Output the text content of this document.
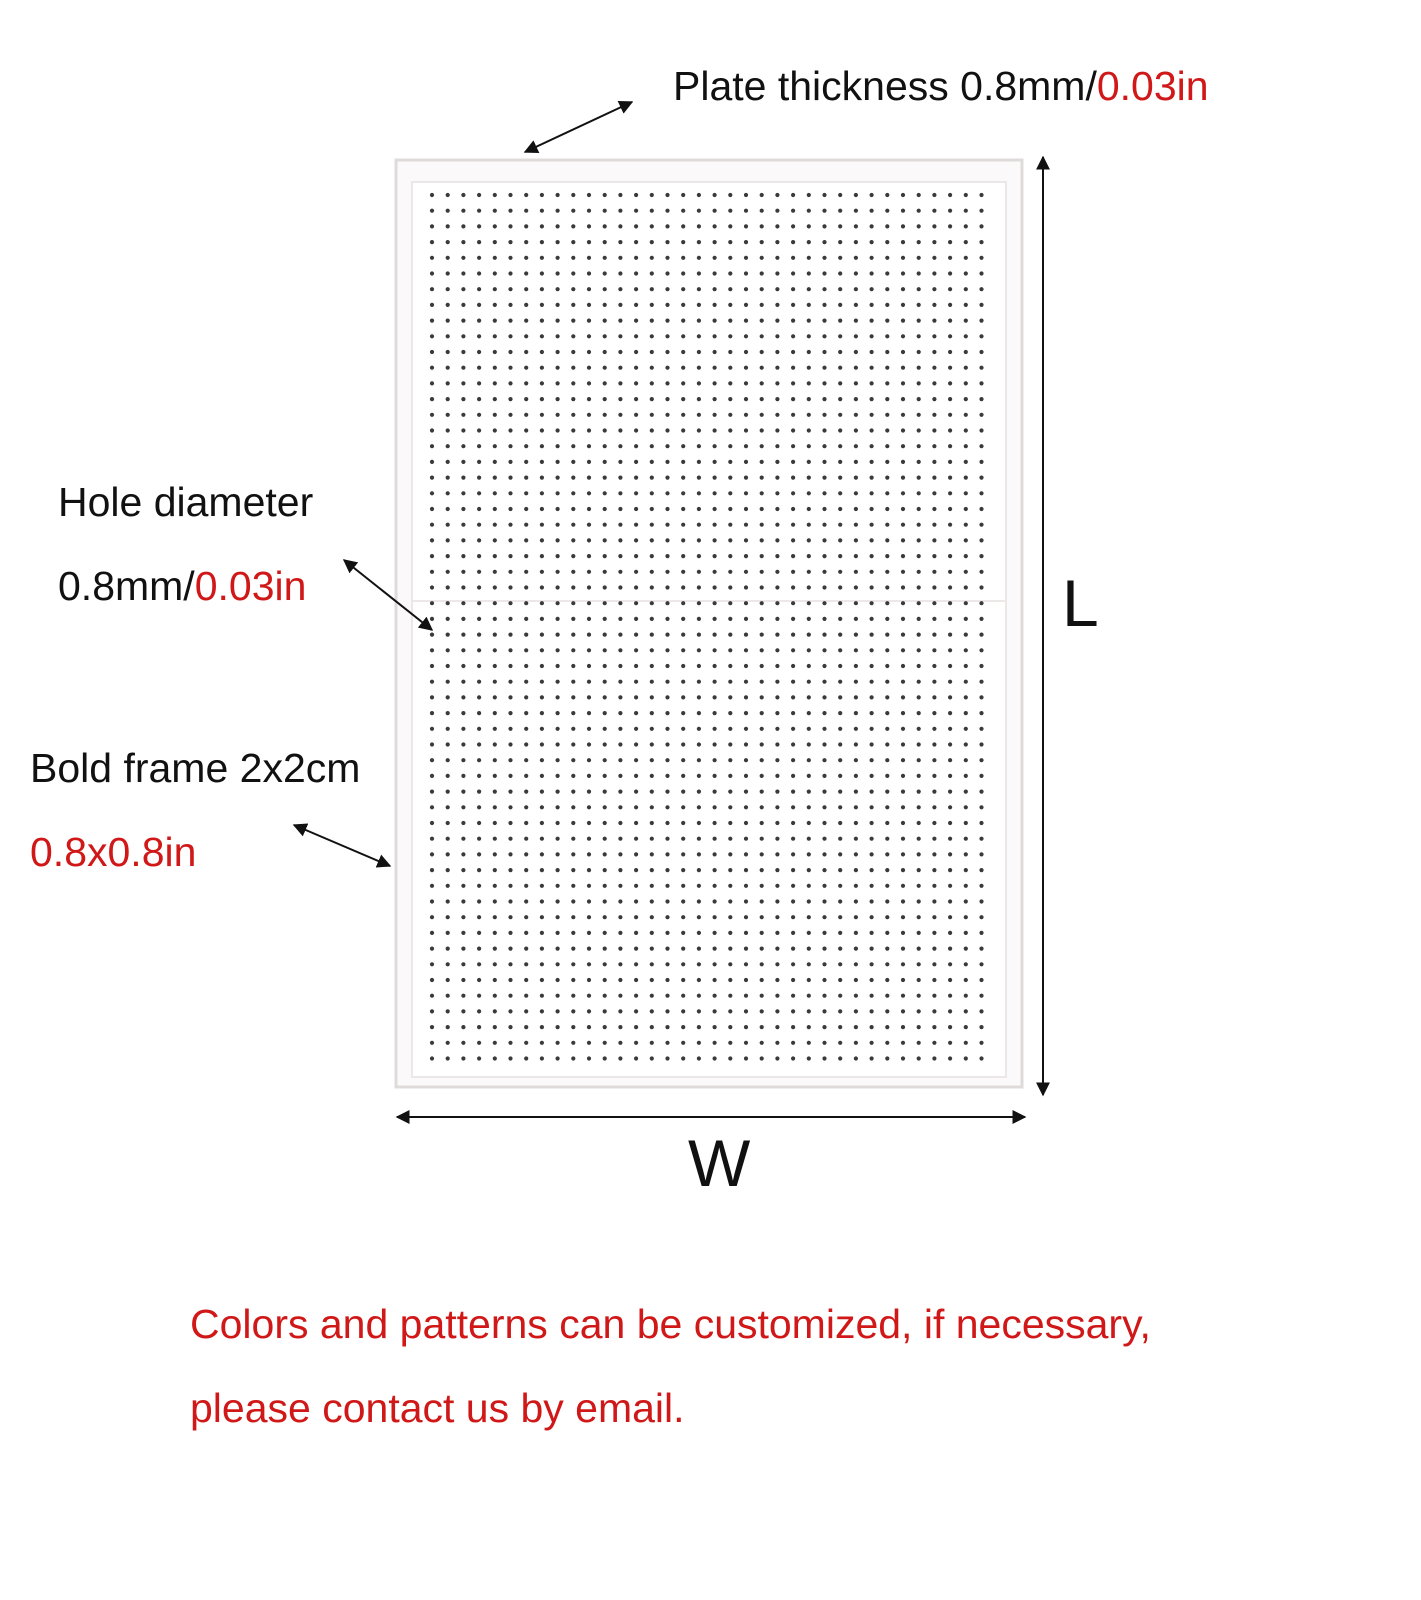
Plate thickness 0.8mm/0.03in
Hole diameter
0.8mm/0.03in
Bold frame 2x2cm
0.8x0.8in
L
W
Colors and patterns can be customized, if necessary,
please contact us by email.
